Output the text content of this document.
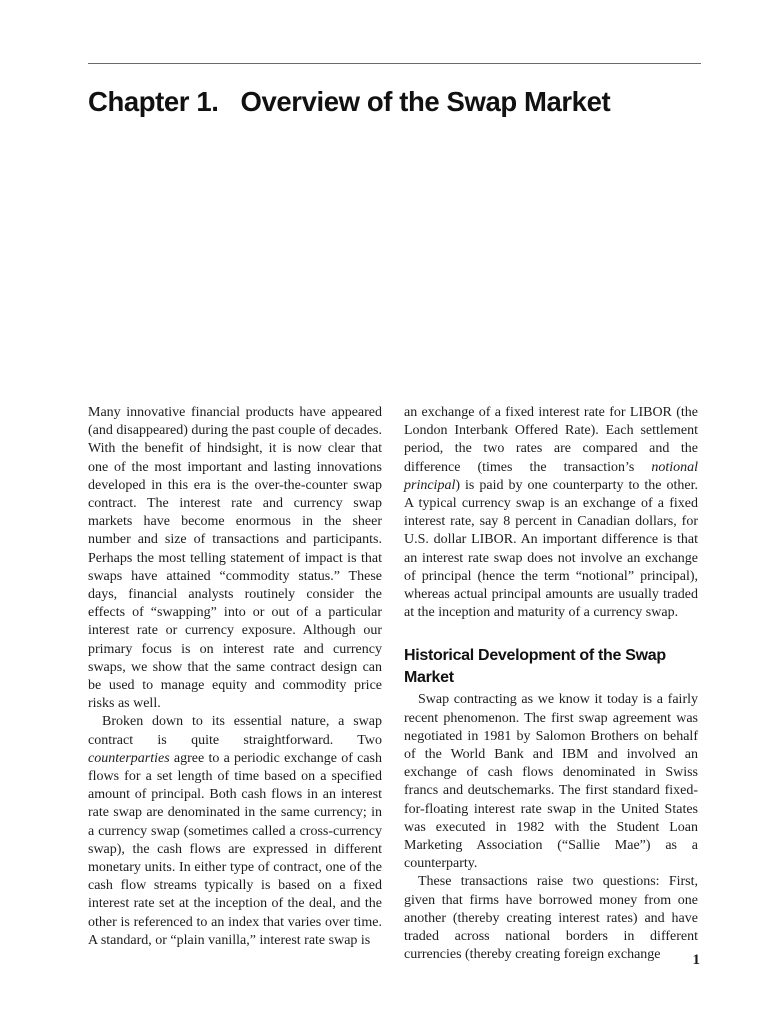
Chapter 1. Overview of the Swap Market

Many innovative financial products have appeared (and disappeared) during the past couple of decades. With the benefit of hindsight, it is now clear that one of the most important and lasting innovations developed in this era is the over-the-counter swap contract. The interest rate and currency swap markets have become enormous in the sheer number and size of transactions and participants. Perhaps the most telling statement of impact is that swaps have attained “commodity status.” These days, financial analysts routinely consider the effects of “swapping” into or out of a particular interest rate or currency exposure. Although our primary focus is on interest rate and currency swaps, we show that the same contract design can be used to manage equity and commodity price risks as well.

Broken down to its essential nature, a swap contract is quite straightforward. Two counterparties agree to a periodic exchange of cash flows for a set length of time based on a specified amount of principal. Both cash flows in an interest rate swap are denominated in the same currency; in a currency swap (sometimes called a cross-currency swap), the cash flows are expressed in different monetary units. In either type of contract, one of the cash flow streams typically is based on a fixed interest rate set at the inception of the deal, and the other is referenced to an index that varies over time. A standard, or “plain vanilla,” interest rate swap is

an exchange of a fixed interest rate for LIBOR (the London Interbank Offered Rate). Each settlement period, the two rates are compared and the difference (times the transaction’s notional principal) is paid by one counterparty to the other. A typical currency swap is an exchange of a fixed interest rate, say 8 percent in Canadian dollars, for U.S. dollar LIBOR. An important difference is that an interest rate swap does not involve an exchange of principal (hence the term “notional” principal), whereas actual principal amounts are usually traded at the inception and maturity of a currency swap.

Historical Development of the Swap Market

Swap contracting as we know it today is a fairly recent phenomenon. The first swap agreement was negotiated in 1981 by Salomon Brothers on behalf of the World Bank and IBM and involved an exchange of cash flows denominated in Swiss francs and deutschemarks. The first standard fixed-for-floating interest rate swap in the United States was executed in 1982 with the Student Loan Marketing Association (“Sallie Mae”) as a counterparty.

These transactions raise two questions: First, given that firms have borrowed money from one another (thereby creating interest rates) and have traded across national borders in different currencies (thereby creating foreign exchange	1
